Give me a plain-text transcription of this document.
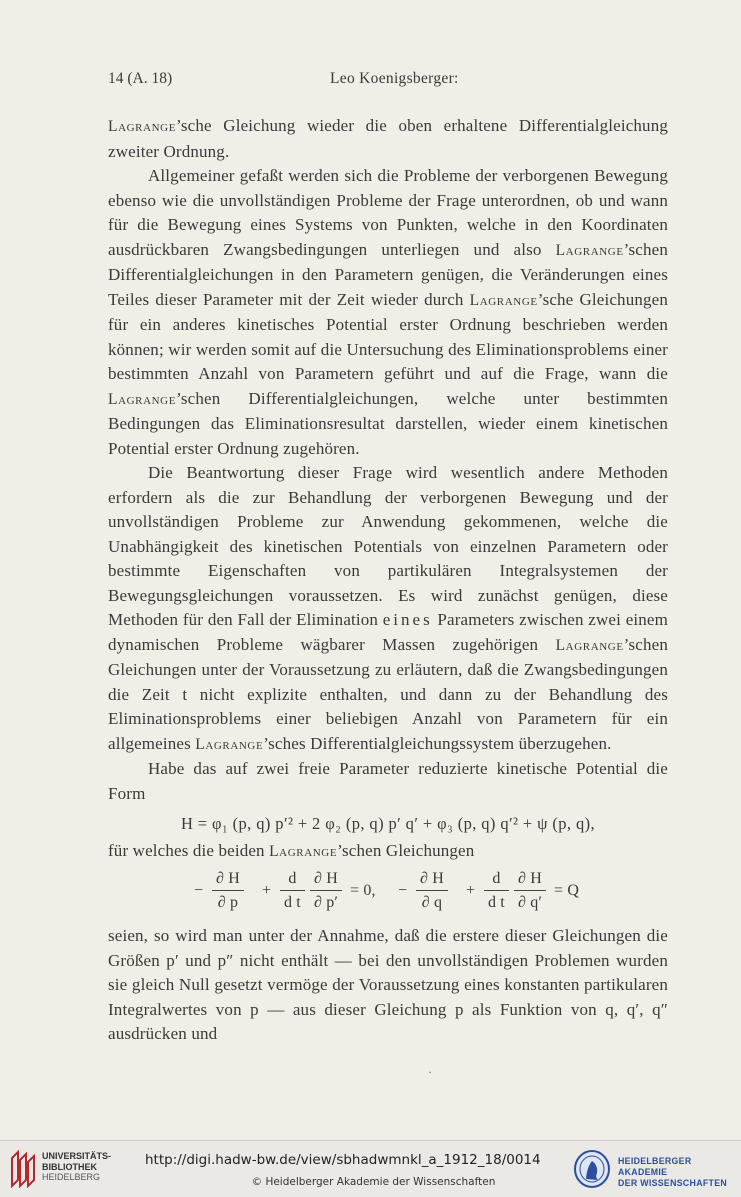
14 (A. 18)	Leo Koenigsberger:

Lagrange’sche Gleichung wieder die oben erhaltene Differentialgleichung zweiter Ordnung.

Allgemeiner gefaßt werden sich die Probleme der verborgenen Bewegung ebenso wie die unvollständigen Probleme der Frage unterordnen, ob und wann für die Bewegung eines Systems von Punkten, welche in den Koordinaten ausdrückbaren Zwangsbedingungen unterliegen und also Lagrange’schen Differentialgleichungen in den Parametern genügen, die Veränderungen eines Teiles dieser Parameter mit der Zeit wieder durch Lagrange’sche Gleichungen für ein anderes kinetisches Potential erster Ordnung beschrieben werden können; wir werden somit auf die Untersuchung des Eliminationsproblems einer bestimmten Anzahl von Parametern geführt und auf die Frage, wann die Lagrange’schen Differentialgleichungen, welche unter bestimmten Bedingungen das Eliminationsresultat darstellen, wieder einem kinetischen Potential erster Ordnung zugehören.

Die Beantwortung dieser Frage wird wesentlich andere Methoden erfordern als die zur Behandlung der verborgenen Bewegung und der unvollständigen Probleme zur Anwendung gekommenen, welche die Unabhängigkeit des kinetischen Potentials von einzelnen Parametern oder bestimmte Eigenschaften von partikulären Integralsystemen der Bewegungsgleichungen voraussetzen. Es wird zunächst genügen, diese Methoden für den Fall der Elimination eines Parameters zwischen zwei einem dynamischen Probleme wägbarer Massen zugehörigen Lagrange’schen Gleichungen unter der Voraussetzung zu erläutern, daß die Zwangsbedingungen die Zeit t nicht explizite enthalten, und dann zu der Behandlung des Eliminationsproblems einer beliebigen Anzahl von Parametern für ein allgemeines Lagrange’sches Differentialgleichungssystem überzugehen.

Habe das auf zwei freie Parameter reduzierte kinetische Potential die Form

H = φ₁ (p, q) p′² + 2 φ₂ (p, q) p′ q′ + φ₃ (p, q) q′² + ψ (p, q),

für welches die beiden Lagrange’schen Gleichungen

− $\frac{\partial H}{\partial p} + \frac{d}{\text{d t}} \frac{\partial H}{\partial p'} = 0$, − $\frac{\partial H}{\partial q} + \frac{d}{\text{d t}} \frac{\partial H}{\partial q'} = Q$

seien, so wird man unter der Annahme, daß die erstere dieser Gleichungen die Größen p′ und p″ nicht enthält — bei den unvollständigen Problemen wurden sie gleich Null gesetzt vermöge der Voraussetzung eines konstanten partikularen Integralwertes von p — aus dieser Gleichung p als Funktion von q, q′, q″ ausdrücken und

·
UNIVERSITÄTS-
BIBLIOTHEK
HEIDELBERG
http://digi.hadw-bw.de/view/sbhadwmnkl_a_1912_18/0014
© Heidelberger Akademie der Wissenschaften
HEIDELBERGER AKADEMIE
DER WISSENSCHAFTEN
